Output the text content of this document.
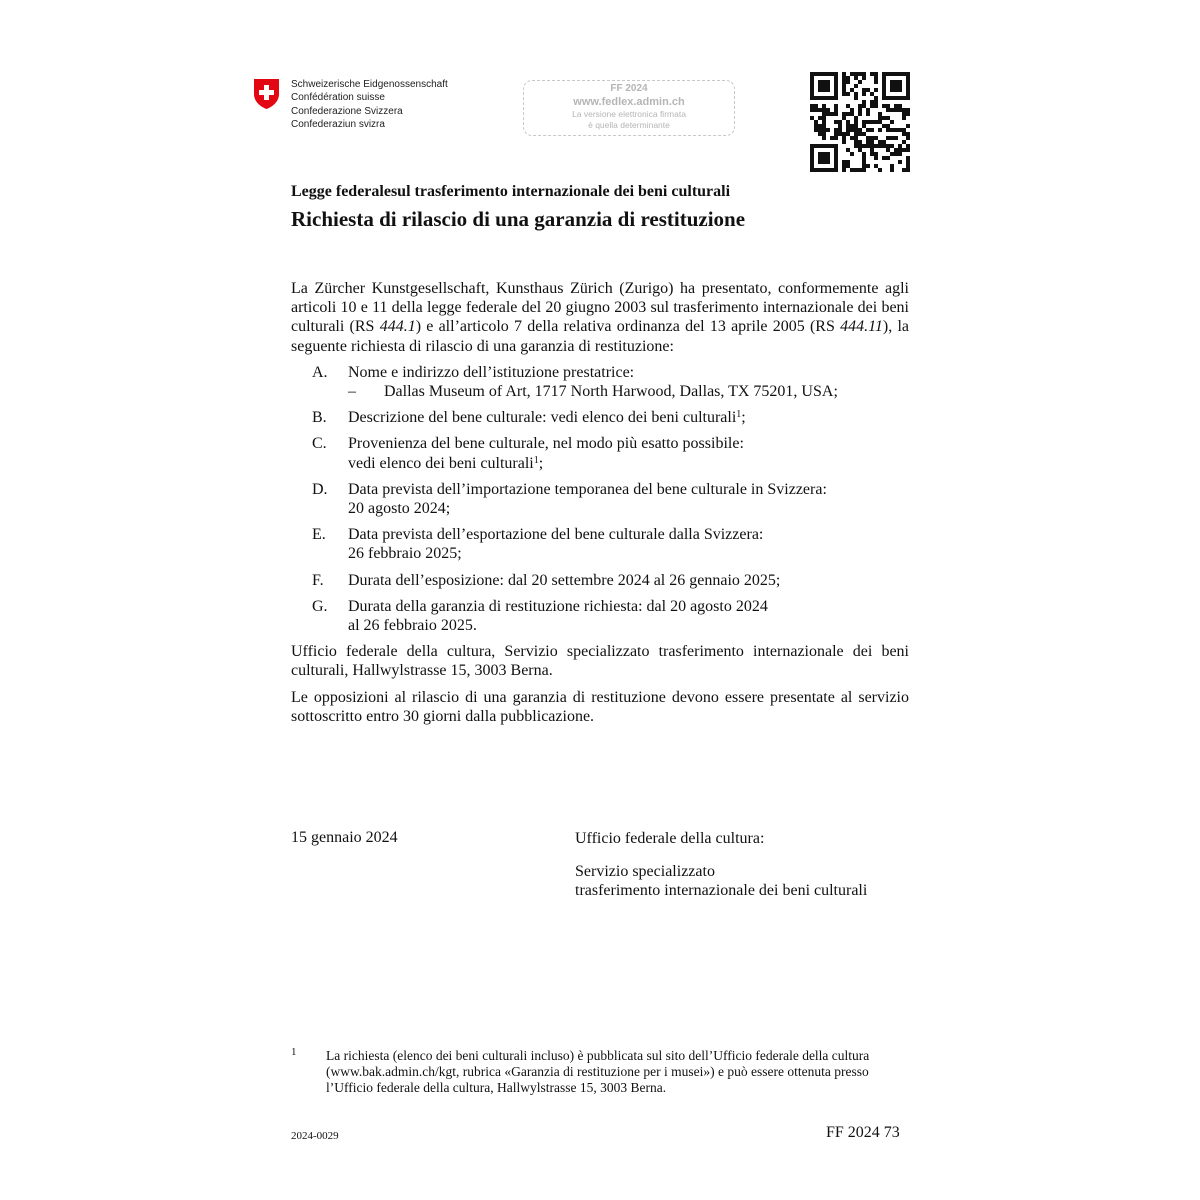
Schweizerische Eidgenossenschaft
Confédération suisse
Confederazione Svizzera
Confederaziun svizra
FF 2024
www.fedlex.admin.ch
La versione elettronica firmata
è quella determinante
Legge federalesul trasferimento internazionale dei beni culturali
Richiesta di rilascio di una garanzia di restituzione

La Zürcher Kunstgesellschaft, Kunsthaus Zürich (Zurigo) ha presentato, conformemente agli articoli 10 e 11 della legge federale del 20 giugno 2003 sul trasferimento internazionale dei beni culturali (RS 444.1) e all’articolo 7 della relativa ordinanza del 13 aprile 2005 (RS 444.11), la seguente richiesta di rilascio di una garanzia di restituzione:

A. Nome e indirizzo dell’istituzione prestatrice:
– Dallas Museum of Art, 1717 North Harwood, Dallas, TX 75201, USA;
B. Descrizione del bene culturale: vedi elenco dei beni culturali$^1$;
C. Provenienza del bene culturale, nel modo più esatto possibile:
vedi elenco dei beni culturali$^1$;
D. Data prevista dell’importazione temporanea del bene culturale in Svizzera:
20 agosto 2024;
E. Data prevista dell’esportazione del bene culturale dalla Svizzera:
26 febbraio 2025;
F. Durata dell’esposizione: dal 20 settembre 2024 al 26 gennaio 2025;
G. Durata della garanzia di restituzione richiesta: dal 20 agosto 2024
al 26 febbraio 2025.

Ufficio federale della cultura, Servizio specializzato trasferimento internazionale dei beni culturali, Hallwylstrasse 15, 3003 Berna.

Le opposizioni al rilascio di una garanzia di restituzione devono essere presentate al servizio sottoscritto entro 30 giorni dalla pubblicazione.

15 gennaio 2024	Ufficio federale della cultura:
Servizio specializzato
trasferimento internazionale dei beni culturali
1 La richiesta (elenco dei beni culturali incluso) è pubblicata sul sito dell’Ufficio federale della cultura (www.bak.admin.ch/kgt, rubrica «Garanzia di restituzione per i musei») e può essere ottenuta presso l’Ufficio federale della cultura, Hallwylstrasse 15, 3003 Berna.
2024-0029	FF 2024 73
